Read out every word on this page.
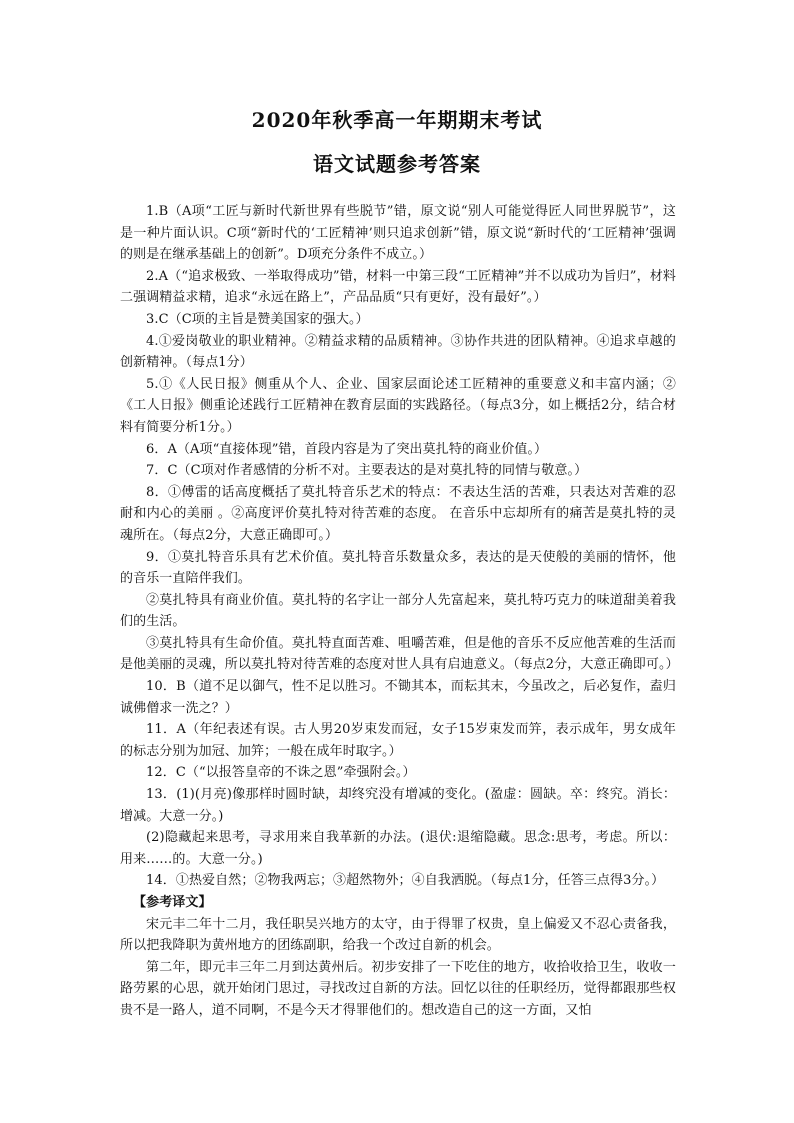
2020年秋季高一年期期末考试
语文试题参考答案

1.B（A项“工匠与新时代新世界有些脱节”错，原文说“别人可能觉得匠人同世界脱节”，这是一种片面认识。C项“新时代的‘工匠精神’则只追求创新”错，原文说“新时代的‘工匠精神’强调的则是在继承基础上的创新”。D项充分条件不成立。）

2.A（“追求极致、一举取得成功”错，材料一中第三段“工匠精神”并不以成功为旨归”，材料二强调精益求精，追求“永远在路上”，产品品质“只有更好，没有最好”。）

3.C（C项的主旨是赞美国家的强大。）

4.①爱岗敬业的职业精神。②精益求精的品质精神。③协作共进的团队精神。④追求卓越的创新精神。（每点1分）

5.①《人民日报》侧重从个人、企业、国家层面论述工匠精神的重要意义和丰富内涵；②《工人日报》侧重论述践行工匠精神在教育层面的实践路径。（每点3分，如上概括2分，结合材料有简要分析1分。）

6．A（A项“直接体现”错，首段内容是为了突出莫扎特的商业价值。）

7．C（C项对作者感情的分析不对。主要表达的是对莫扎特的同情与敬意。）

8．①傅雷的话高度概括了莫扎特音乐艺术的特点：不表达生活的苦难，只表达对苦难的忍耐和内心的美丽 。②高度评价莫扎特对待苦难的态度。 在音乐中忘却所有的痛苦是莫扎特的灵魂所在。（每点2分，大意正确即可。）

9．①莫扎特音乐具有艺术价值。莫扎特音乐数量众多，表达的是天使般的美丽的情怀，他的音乐一直陪伴我们。

②莫扎特具有商业价值。莫扎特的名字让一部分人先富起来，莫扎特巧克力的味道甜美着我们的生活。

③莫扎特具有生命价值。莫扎特直面苦难、咀嚼苦难，但是他的音乐不反应他苦难的生活而是他美丽的灵魂，所以莫扎特对待苦难的态度对世人具有启迪意义。（每点2分，大意正确即可。）

10．B（道不足以御气，性不足以胜习。不锄其本，而耘其末，今虽改之，后必复作，盍归诚佛僧求一洗之？）

11．A（年纪表述有误。古人男20岁束发而冠，女子15岁束发而笄，表示成年，男女成年的标志分别为加冠、加笄；一般在成年时取字。）

12．C（“以报答皇帝的不诛之恩”牵强附会。）

13．(1)(月亮)像那样时圆时缺，却终究没有增减的变化。(盈虚：圆缺。卒：终究。消长：增减。大意一分。)

(2)隐藏起来思考，寻求用来自我革新的办法。(退伏:退缩隐藏。思念:思考，考虑。所以：用来……的。大意一分。)

14．①热爱自然；②物我两忘；③超然物外；④自我洒脱。（每点1分，任答三点得3分。）

【参考译文】

宋元丰二年十二月，我任职吴兴地方的太守，由于得罪了权贵，皇上偏爱又不忍心责备我，所以把我降职为黄州地方的团练副职，给我一个改过自新的机会。

第二年，即元丰三年二月到达黄州后。初步安排了一下吃住的地方，收拾收拾卫生，收收一路劳累的心思，就开始闭门思过，寻找改过自新的方法。回忆以往的任职经历，觉得都跟那些权贵不是一路人，道不同啊，不是今天才得罪他们的。想改造自己的这一方面，又怕
